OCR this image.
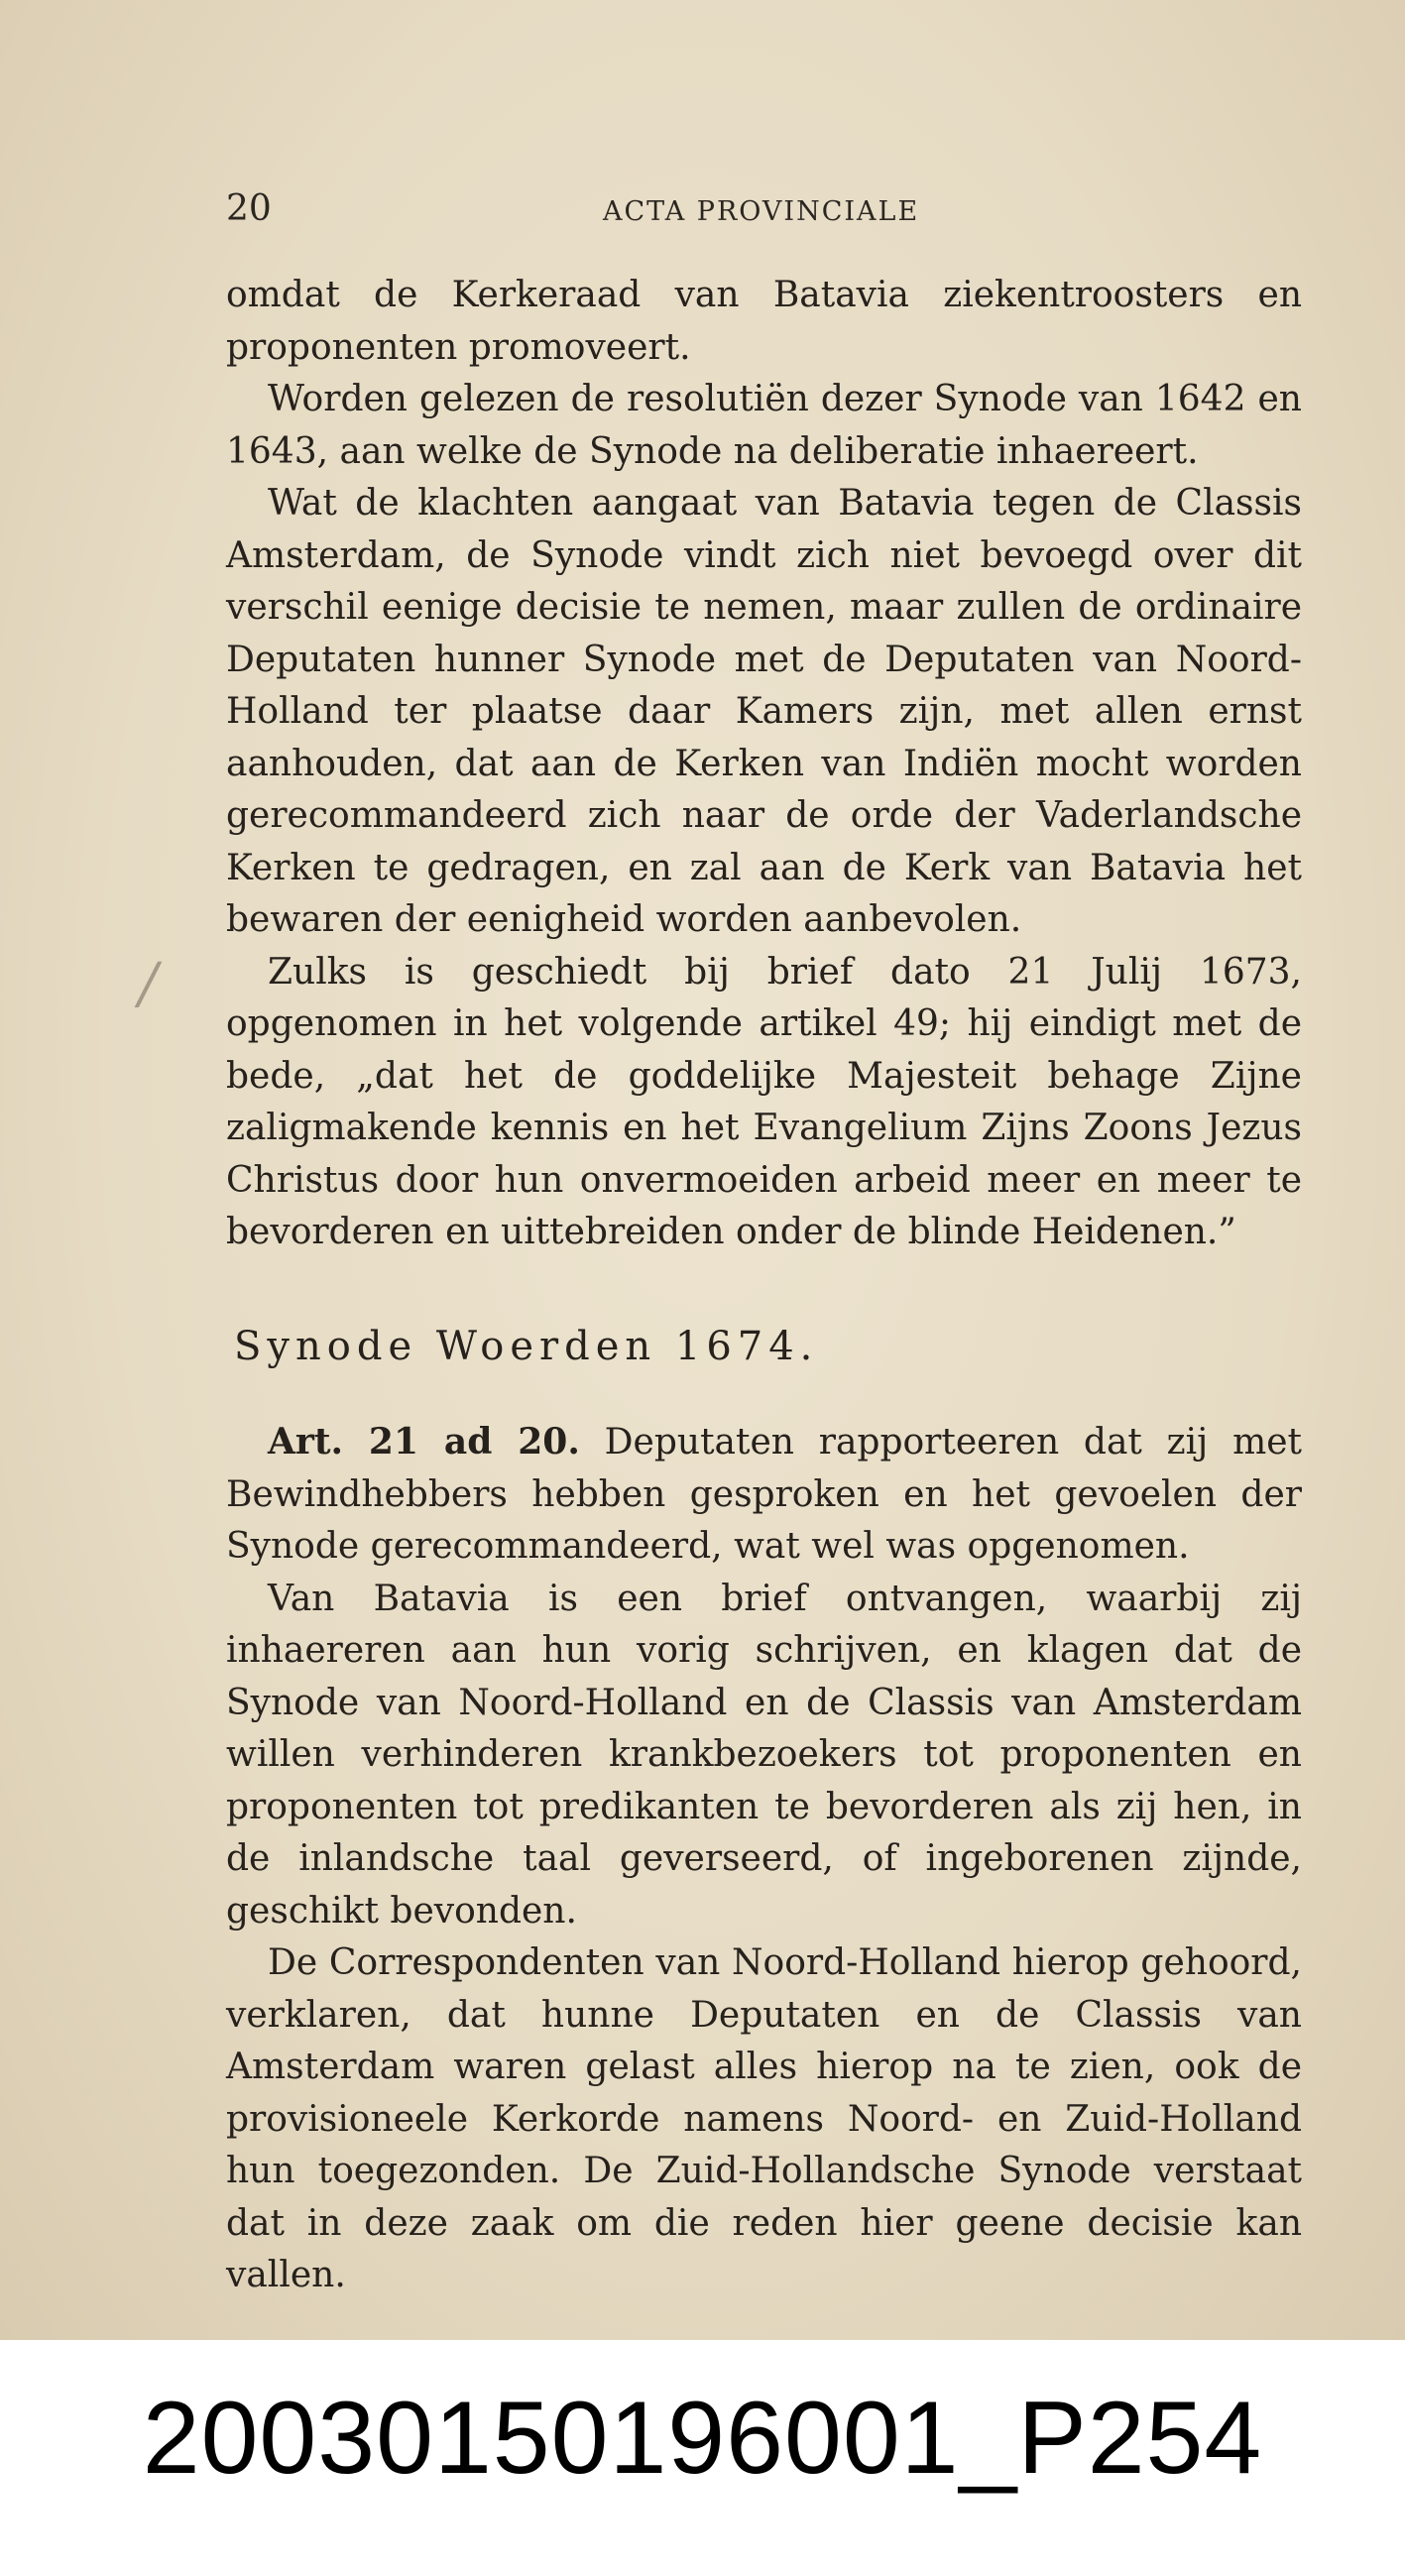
/
20	ACTA PROVINCIALE

omdat de Kerkeraad van Batavia ziekentroosters en proponenten promoveert.

Worden gelezen de resolutiën dezer Synode van 1642 en 1643, aan welke de Synode na deliberatie inhaereert.

Wat de klachten aangaat van Batavia tegen de Classis Amsterdam, de Synode vindt zich niet bevoegd over dit verschil eenige decisie te nemen, maar zullen de ordinaire Deputaten hunner Synode met de Deputaten van Noord-Holland ter plaatse daar Kamers zijn, met allen ernst aanhouden, dat aan de Kerken van Indiën mocht worden gerecommandeerd zich naar de orde der Vaderlandsche Kerken te gedragen, en zal aan de Kerk van Batavia het bewaren der eenigheid worden aanbevolen.

Zulks is geschiedt bij brief dato 21 Julij 1673, opgenomen in het volgende artikel 49; hij eindigt met de bede, „dat het de goddelijke Majesteit behage Zijne zaligmakende kennis en het Evangelium Zijns Zoons Jezus Christus door hun onvermoeiden arbeid meer en meer te bevorderen en uittebreiden onder de blinde Heidenen.”

Synode Woerden 1674.

Art. 21 ad 20. Deputaten rapporteeren dat zij met Bewindhebbers hebben gesproken en het gevoelen der Synode gerecommandeerd, wat wel was opgenomen.

Van Batavia is een brief ontvangen, waarbij zij inhaereren aan hun vorig schrijven, en klagen dat de Synode van Noord-Holland en de Classis van Amsterdam willen verhinderen krankbezoekers tot proponenten en proponenten tot predikanten te bevorderen als zij hen, in de inlandsche taal geverseerd, of ingeborenen zijnde, geschikt bevonden.

De Correspondenten van Noord-Holland hierop gehoord, verklaren, dat hunne Deputaten en de Classis van Amsterdam waren gelast alles hierop na te zien, ook de provisioneele Kerkorde namens Noord- en Zuid-Holland hun toegezonden. De Zuid-Hollandsche Synode verstaat dat in deze zaak om die reden hier geene decisie kan vallen.

20030150196001_P254
